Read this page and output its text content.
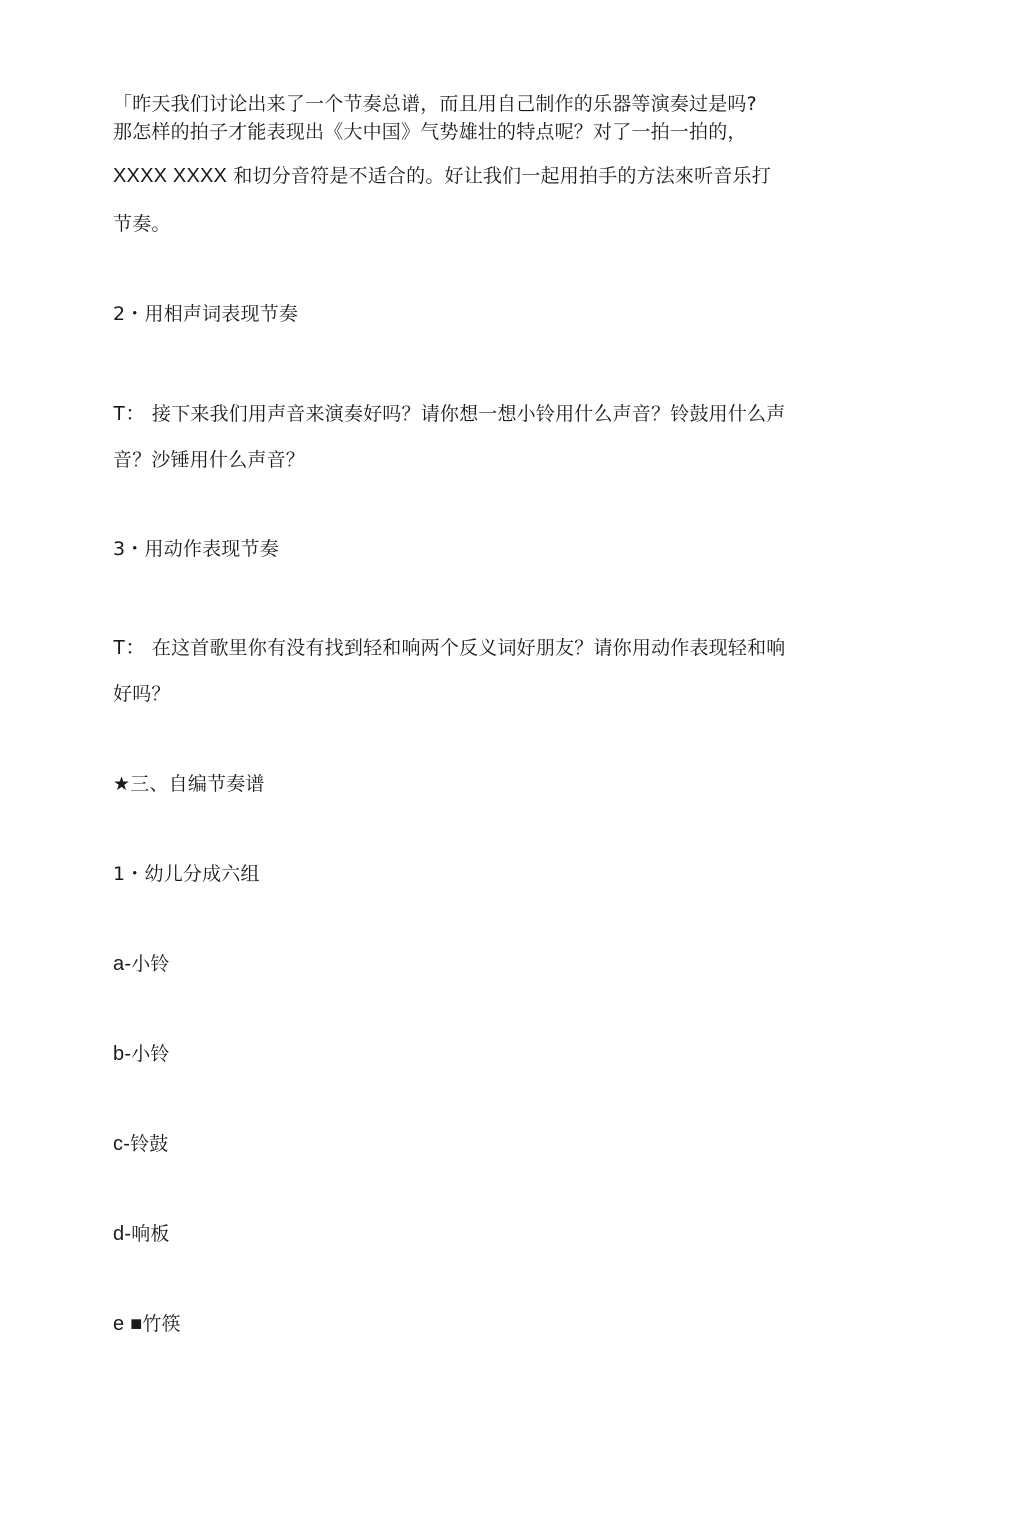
「昨天我们讨论出来了一个节奏总谱，而且用自己制作的乐器等演奏过是吗?
那怎样的拍子才能表现出《大中国》气势雄壮的特点呢？对了一拍一拍的，
XXXX XXXX 和切分音符是不适合的。好让我们一起用拍手的方法來听音乐打
节奏。
2・用相声词表现节奏
T： 接下来我们用声音来演奏好吗？请你想一想小铃用什么声音？铃鼓用什么声
音？沙锤用什么声音？
3・用动作表现节奏
T： 在这首歌里你有没有找到轻和响两个反义词好朋友？请你用动作表现轻和响
好吗？
★三、自编节奏谱
1・幼儿分成六组
a-小铃
b-小铃
c-铃鼓
d-响板
e ■竹筷
